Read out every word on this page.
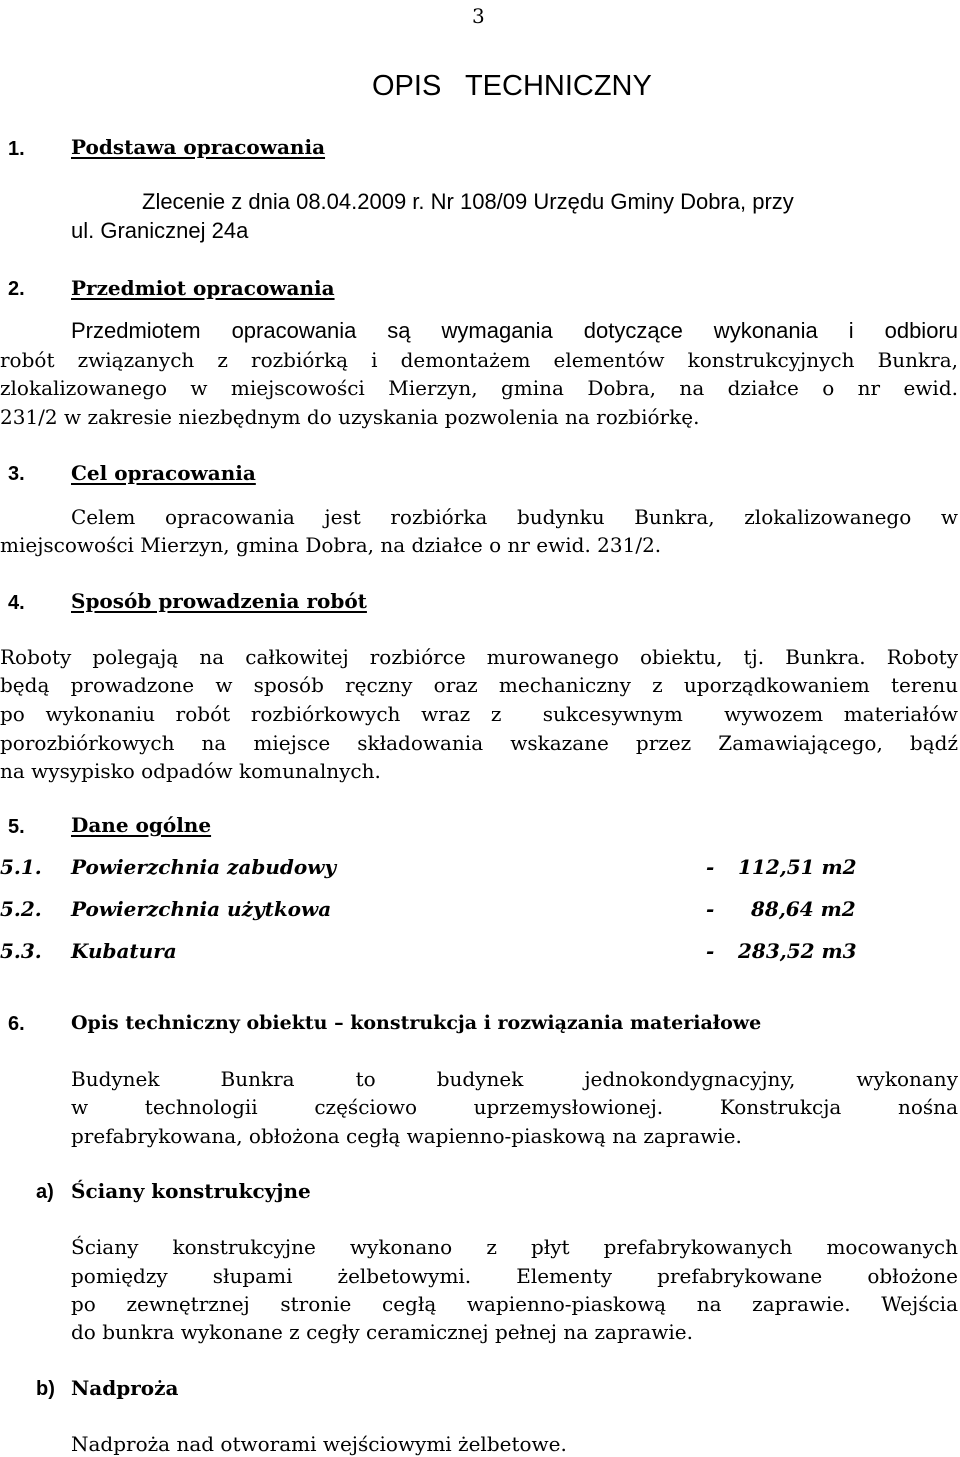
3
OPIS   TECHNICZNY
1. Podstawa opracowania
Zlecenie z dnia 08.04.2009 r. Nr 108/09 Urzędu Gminy Dobra, przy
ul. Granicznej 24a
2. Przedmiot opracowania
Przedmiotem opracowania są wymagania dotyczące wykonania i odbioru
robót związanych z rozbiórką i demontażem elementów konstrukcyjnych Bunkra,
zlokalizowanego w miejscowości Mierzyn, gmina Dobra, na działce o nr ewid.
231/2 w zakresie niezbędnym do uzyskania pozwolenia na rozbiórkę.
3. Cel opracowania
Celem opracowania jest rozbiórka budynku Bunkra, zlokalizowanego w
miejscowości Mierzyn, gmina Dobra, na działce o nr ewid. 231/2.
4. Sposób prowadzenia robót
Roboty polegają na całkowitej rozbiórce murowanego obiektu, tj. Bunkra. Roboty
będą prowadzone w sposób ręczny oraz mechaniczny z uporządkowaniem terenu
po wykonaniu robót rozbiórkowych wraz z  sukcesywnym  wywozem materiałów
porozbiórkowych na miejsce składowania wskazane przez Zamawiającego, bądź
na wysypisko odpadów komunalnych.
5. Dane ogólne
5.1. Powierzchnia zabudowy	- 112,51 m2
5.2. Powierzchnia użytkowa	- 88,64 m2
5.3. Kubatura	- 283,52 m3
6. Opis techniczny obiektu – konstrukcja i rozwiązania materiałowe
Budynek Bunkra to budynek jednokondygnacyjny, wykonany
w technologii częściowo uprzemysłowionej. Konstrukcja nośna
prefabrykowana, obłożona cegłą wapienno-piaskową na zaprawie.
a) Ściany konstrukcyjne
Ściany konstrukcyjne wykonano z płyt prefabrykowanych mocowanych
pomiędzy słupami żelbetowymi. Elementy prefabrykowane obłożone
po zewnętrznej stronie cegłą wapienno-piaskową na zaprawie. Wejścia
do bunkra wykonane z cegły ceramicznej pełnej na zaprawie.
b) Nadproża
Nadproża nad otworami wejściowymi żelbetowe.
